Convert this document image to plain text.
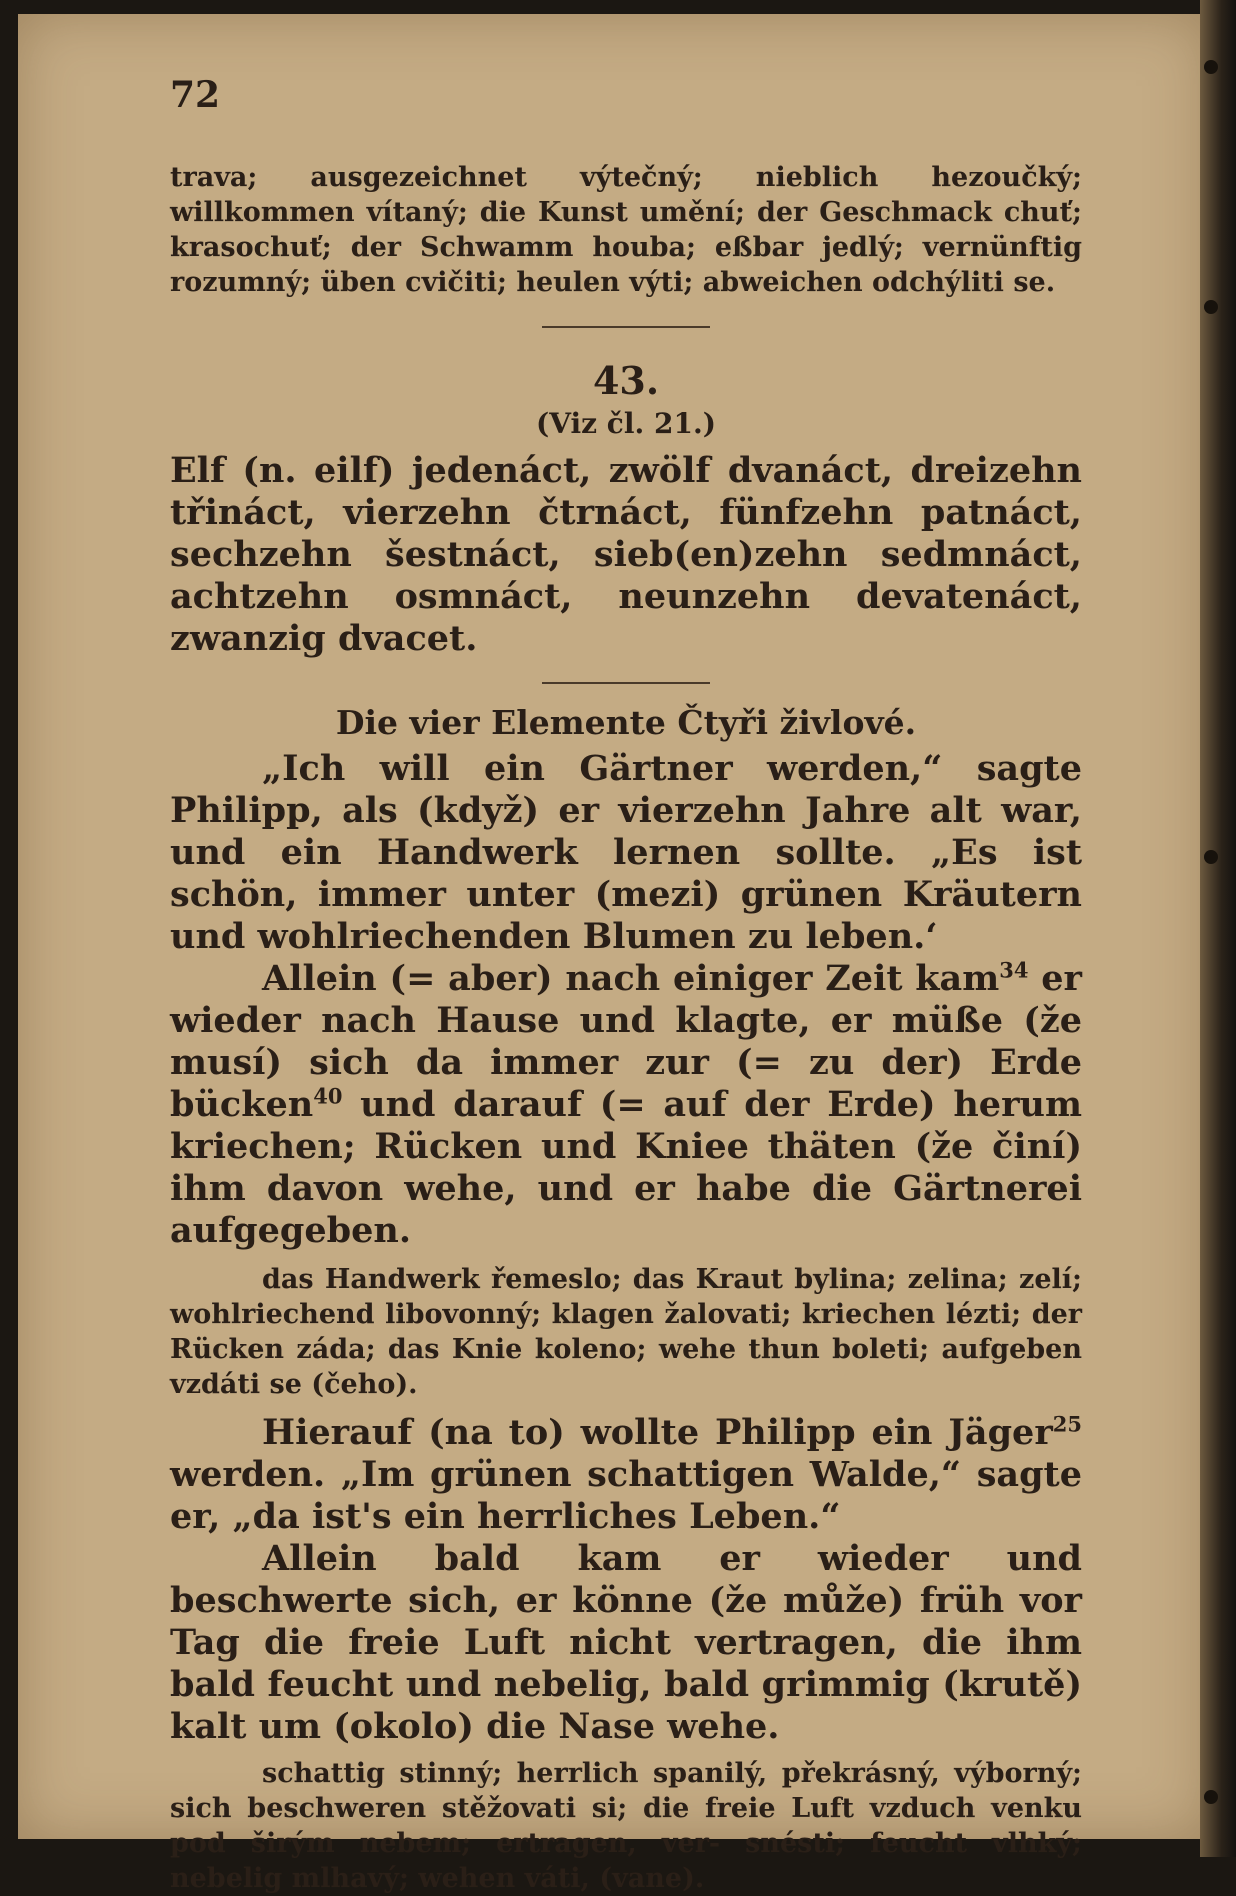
72

trava; ausgezeichnet výtečný; nieblich hezoučký; willkommen vítaný; die Kunst umění; der Geschmack chuť; krasochuť; der Schwamm houba; eßbar jedlý; vernünftig rozumný; üben cvičiti; heulen výti; abweichen odchýliti se.

43.
(Viz čl. 21.)

Elf (n. eilf) jedenáct, zwölf dvanáct, dreizehn třináct, vierzehn čtrnáct, fünfzehn patnáct, sechzehn šestnáct, sieb(en)zehn sedmnáct, achtzehn osmnáct, neunzehn devatenáct, zwanzig dvacet.

Die vier Elemente Čtyři živlové.

„Ich will ein Gärtner werden,“ sagte Philipp, als (když) er vierzehn Jahre alt war, und ein Handwerk lernen sollte. „Es ist schön, immer unter (mezi) grünen Kräutern und wohlriechenden Blumen zu leben.‘

Allein (= aber) nach einiger Zeit kam$^{34}$ er wieder nach Hause und klagte, er müße (že musí) sich da immer zur (= zu der) Erde bücken$^{40}$ und darauf (= auf der Erde) herum kriechen; Rücken und Kniee thäten (že činí) ihm davon wehe, und er habe die Gärtnerei aufgegeben.

das Handwerk řemeslo; das Kraut bylina; zelina; zelí; wohlriechend libovonný; klagen žalovati; kriechen lézti; der Rücken záda; das Knie koleno; wehe thun boleti; aufgeben vzdáti se (čeho).

Hierauf (na to) wollte Philipp ein Jäger$^{25}$ werden. „Im grünen schattigen Walde,“ sagte er, „da ist's ein herrliches Leben.“

Allein bald kam er wieder und beschwerte sich, er könne (že může) früh vor Tag die freie Luft nicht vertragen, die ihm bald feucht und nebelig, bald grimmig (krutě) kalt um (okolo) die Nase wehe.

schattig stinný; herrlich spanilý, překrásný, výborný; sich beschweren stěžovati si; die freie Luft vzduch venku pod širým nebem; ertragen, ver- snésti; feucht vlhký; nebelig mlhavý; wehen váti, (vane).
